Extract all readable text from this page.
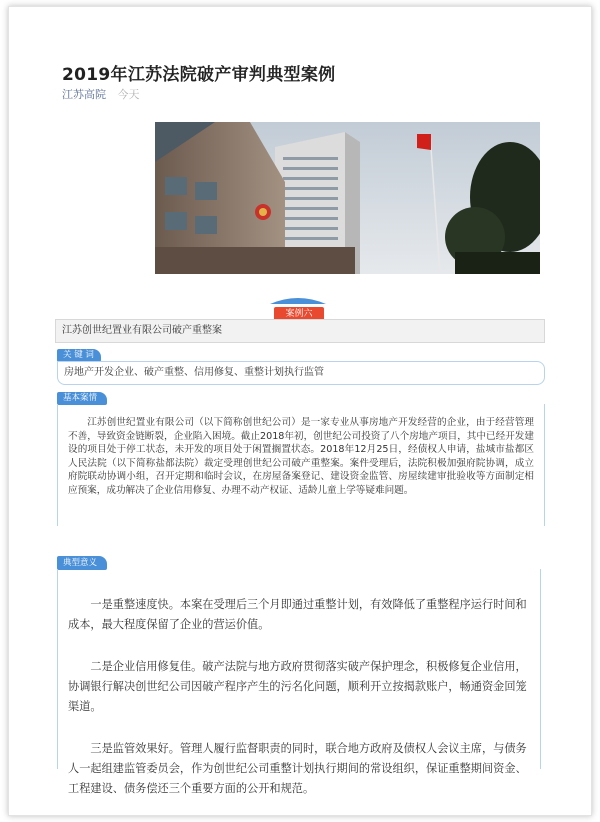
2019年江苏法院破产审判典型案例
江苏高院 今天
案例六
江苏创世纪置业有限公司破产重整案
关 键 词
房地产开发企业、破产重整、信用修复、重整计划执行监管
基本案情

江苏创世纪置业有限公司（以下简称创世纪公司）是一家专业从事房地产开发经营的企业，由于经营管理不善，导致资金链断裂，企业陷入困境。截止2018年初，创世纪公司投资了八个房地产项目，其中已经开发建设的项目处于停工状态，未开发的项目处于闲置搁置状态。2018年12月25日，经债权人申请，盐城市盐都区人民法院（以下简称盐都法院）裁定受理创世纪公司破产重整案。案件受理后，法院积极加强府院协调，成立府院联动协调小组，召开定期和临时会议，在房屋备案登记、建设资金监管、房屋续建审批验收等方面制定相应预案，成功解决了企业信用修复、办理不动产权证、适龄儿童上学等疑难问题。

典型意义

一是重整速度快。本案在受理后三个月即通过重整计划，有效降低了重整程序运行时间和成本，最大程度保留了企业的营运价值。

二是企业信用修复佳。破产法院与地方政府贯彻落实破产保护理念，积极修复企业信用，协调银行解决创世纪公司因破产程序产生的污名化问题，顺利开立按揭款账户，畅通资金回笼渠道。

三是监管效果好。管理人履行监督职责的同时，联合地方政府及债权人会议主席，与债务人一起组建监管委员会，作为创世纪公司重整计划执行期间的常设组织，保证重整期间资金、工程建设、债务偿还三个重要方面的公开和规范。
